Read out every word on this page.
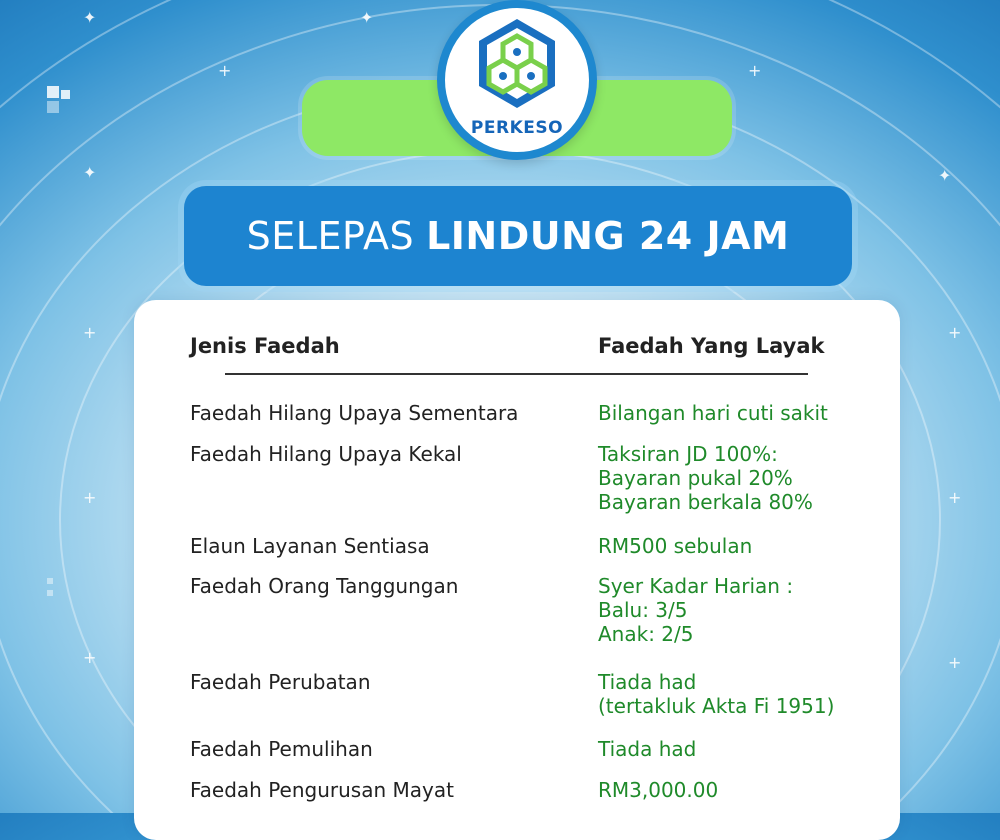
✦
+
✦
✦
+
✦
+	+
+	+
+	+
PERKESO
SELEPAS LINDUNG 24 JAM
Jenis Faedah	Faedah Yang Layak
Faedah Hilang Upaya Sementara	Bilangan hari cuti sakit
Faedah Hilang Upaya Kekal	Taksiran JD 100%:
Bayaran pukal 20%
Bayaran berkala 80%
Elaun Layanan Sentiasa	RM500 sebulan
Faedah Orang Tanggungan	Syer Kadar Harian :
Balu: 3/5
Anak: 2/5
Faedah Perubatan	Tiada had
(tertakluk Akta Fi 1951)
Faedah Pemulihan	Tiada had
Faedah Pengurusan Mayat	RM3,000.00
